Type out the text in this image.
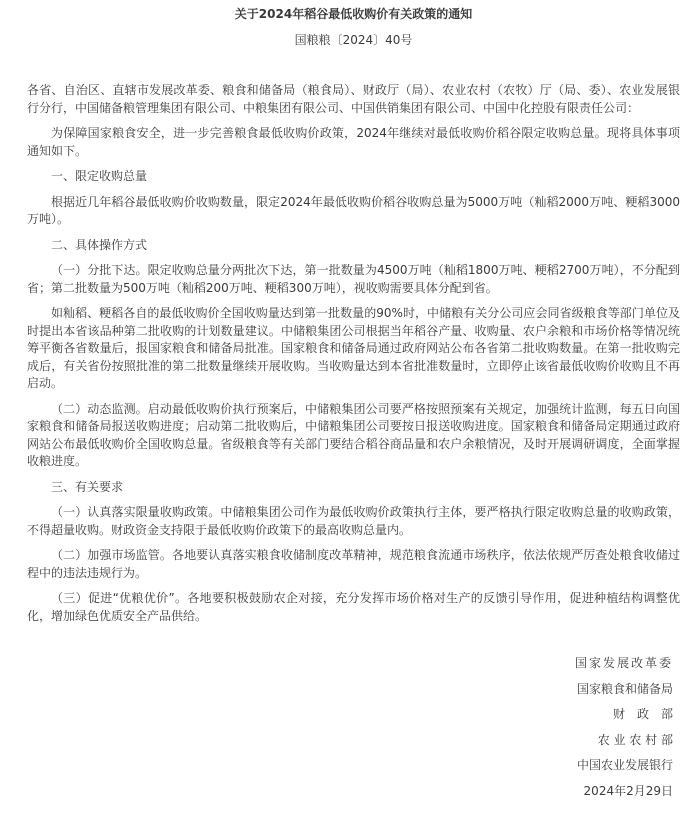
关于2024年稻谷最低收购价有关政策的通知
国粮粮〔2024〕40号

各省、自治区、直辖市发展改革委、粮食和储备局（粮食局）、财政厅（局）、农业农村（农牧）厅（局、委）、农业发展银行分行，中国储备粮管理集团有限公司、中粮集团有限公司、中国供销集团有限公司、中国中化控股有限责任公司：

为保障国家粮食安全，进一步完善粮食最低收购价政策，2024年继续对最低收购价稻谷限定收购总量。现将具体事项通知如下。

一、限定收购总量

根据近几年稻谷最低收购价收购数量，限定2024年最低收购价稻谷收购总量为5000万吨（籼稻2000万吨、粳稻3000万吨）。

二、具体操作方式

（一）分批下达。限定收购总量分两批次下达，第一批数量为4500万吨（籼稻1800万吨、粳稻2700万吨），不分配到省；第二批数量为500万吨（籼稻200万吨、粳稻300万吨），视收购需要具体分配到省。

如籼稻、粳稻各自的最低收购价全国收购量达到第一批数量的90%时，中储粮有关分公司应会同省级粮食等部门单位及时提出本省该品种第二批收购的计划数量建议。中储粮集团公司根据当年稻谷产量、收购量、农户余粮和市场价格等情况统筹平衡各省数量后，报国家粮食和储备局批准。国家粮食和储备局通过政府网站公布各省第二批收购数量。在第一批收购完成后，有关省份按照批准的第二批数量继续开展收购。当收购量达到本省批准数量时，立即停止该省最低收购价收购且不再启动。

（二）动态监测。启动最低收购价执行预案后，中储粮集团公司要严格按照预案有关规定，加强统计监测，每五日向国家粮食和储备局报送收购进度；启动第二批收购后，中储粮集团公司要按日报送收购进度。国家粮食和储备局定期通过政府网站公布最低收购价全国收购总量。省级粮食等有关部门要结合稻谷商品量和农户余粮情况，及时开展调研调度，全面掌握收粮进度。

三、有关要求

（一）认真落实限量收购政策。中储粮集团公司作为最低收购价政策执行主体，要严格执行限定收购总量的收购政策，不得超量收购。财政资金支持限于最低收购价政策下的最高收购总量内。

（二）加强市场监管。各地要认真落实粮食收储制度改革精神，规范粮食流通市场秩序，依法依规严厉查处粮食收储过程中的违法违规行为。

（三）促进“优粮优价”。各地要积极鼓励农企对接，充分发挥市场价格对生产的反馈引导作用，促进种植结构调整优化，增加绿色优质安全产品供给。

国家发展改革委

国家粮食和储备局

财　政　部

农 业 农 村 部

中国农业发展银行

2024年2月29日
